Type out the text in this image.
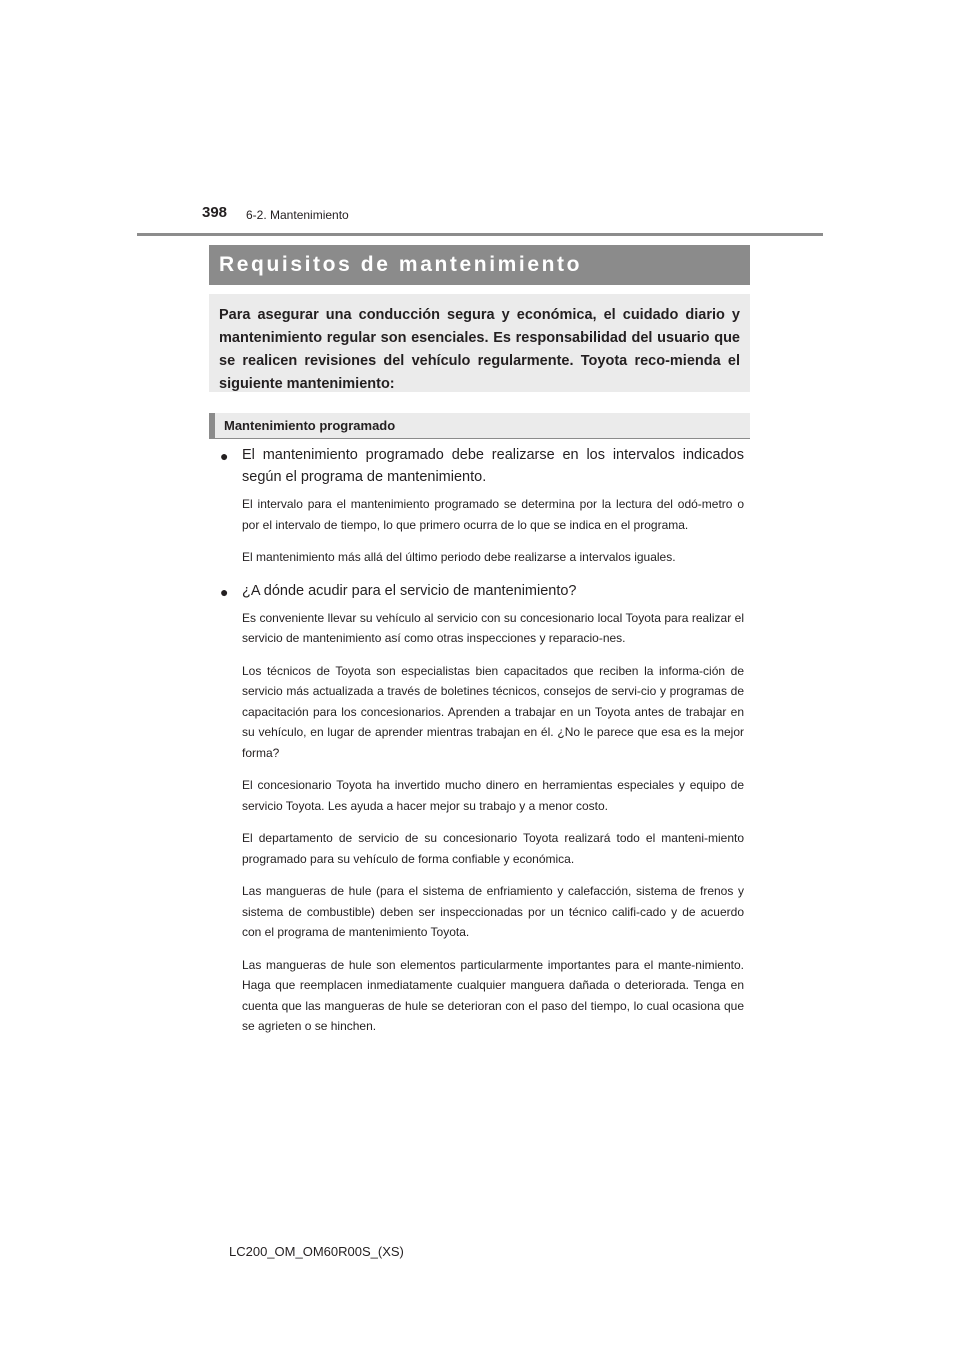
398 6-2. Mantenimiento
Requisitos de mantenimiento
Para asegurar una conducción segura y económica, el cuidado diario y mantenimiento regular son esenciales. Es responsabilidad del usuario que se realicen revisiones del vehículo regularmente. Toyota reco-mienda el siguiente mantenimiento:
Mantenimiento programado
● El mantenimiento programado debe realizarse en los intervalos indicados según el programa de mantenimiento.

El intervalo para el mantenimiento programado se determina por la lectura del odó-metro o por el intervalo de tiempo, lo que primero ocurra de lo que se indica en el programa.

El mantenimiento más allá del último periodo debe realizarse a intervalos iguales.

● ¿A dónde acudir para el servicio de mantenimiento?

Es conveniente llevar su vehículo al servicio con su concesionario local Toyota para realizar el servicio de mantenimiento así como otras inspecciones y reparacio-nes.

Los técnicos de Toyota son especialistas bien capacitados que reciben la informa-ción de servicio más actualizada a través de boletines técnicos, consejos de servi-cio y programas de capacitación para los concesionarios. Aprenden a trabajar en un Toyota antes de trabajar en su vehículo, en lugar de aprender mientras trabajan en él. ¿No le parece que esa es la mejor forma?

El concesionario Toyota ha invertido mucho dinero en herramientas especiales y equipo de servicio Toyota. Les ayuda a hacer mejor su trabajo y a menor costo.

El departamento de servicio de su concesionario Toyota realizará todo el manteni-miento programado para su vehículo de forma confiable y económica.

Las mangueras de hule (para el sistema de enfriamiento y calefacción, sistema de frenos y sistema de combustible) deben ser inspeccionadas por un técnico califi-cado y de acuerdo con el programa de mantenimiento Toyota.

Las mangueras de hule son elementos particularmente importantes para el mante-nimiento. Haga que reemplacen inmediatamente cualquier manguera dañada o deteriorada. Tenga en cuenta que las mangueras de hule se deterioran con el paso del tiempo, lo cual ocasiona que se agrieten o se hinchen.

LC200_OM_OM60R00S_(XS)
